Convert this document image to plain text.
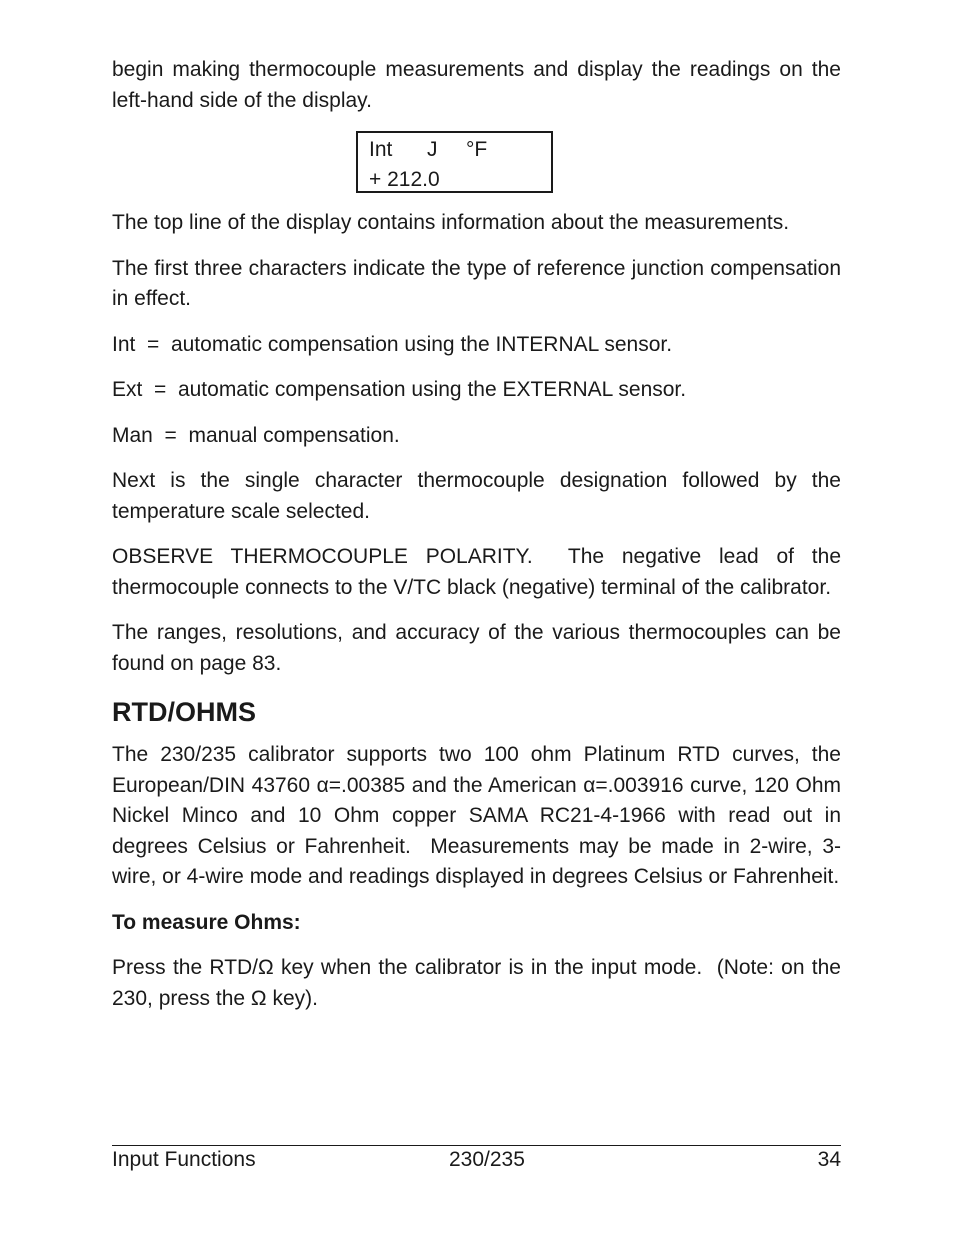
begin making thermocouple measurements and display the readings on the left-hand side of the display.

Int J °F
+ 212.0

The top line of the display contains information about the measurements.

The first three characters indicate the type of reference junction compensation in effect.

Int  =  automatic compensation using the INTERNAL sensor.

Ext  =  automatic compensation using the EXTERNAL sensor.

Man  =  manual compensation.

Next is the single character thermocouple designation followed by the temperature scale selected.

OBSERVE THERMOCOUPLE POLARITY.  The negative lead of the thermocouple connects to the V/TC black (negative) terminal of the calibrator.

The ranges, resolutions, and accuracy of the various thermocouples can be found on page 83.

RTD/OHMS

The 230/235 calibrator supports two 100 ohm Platinum RTD curves, the European/DIN 43760 α=.00385 and the American α=.003916 curve, 120 Ohm Nickel Minco and 10 Ohm copper SAMA RC21-4-1966 with read out in degrees Celsius or Fahrenheit.  Measurements may be made in 2-wire, 3-wire, or 4-wire mode and readings displayed in degrees Celsius or Fahrenheit.

To measure Ohms:

Press the RTD/Ω key when the calibrator is in the input mode.  (Note: on the 230, press the Ω key).

Input Functions	230/235	34
